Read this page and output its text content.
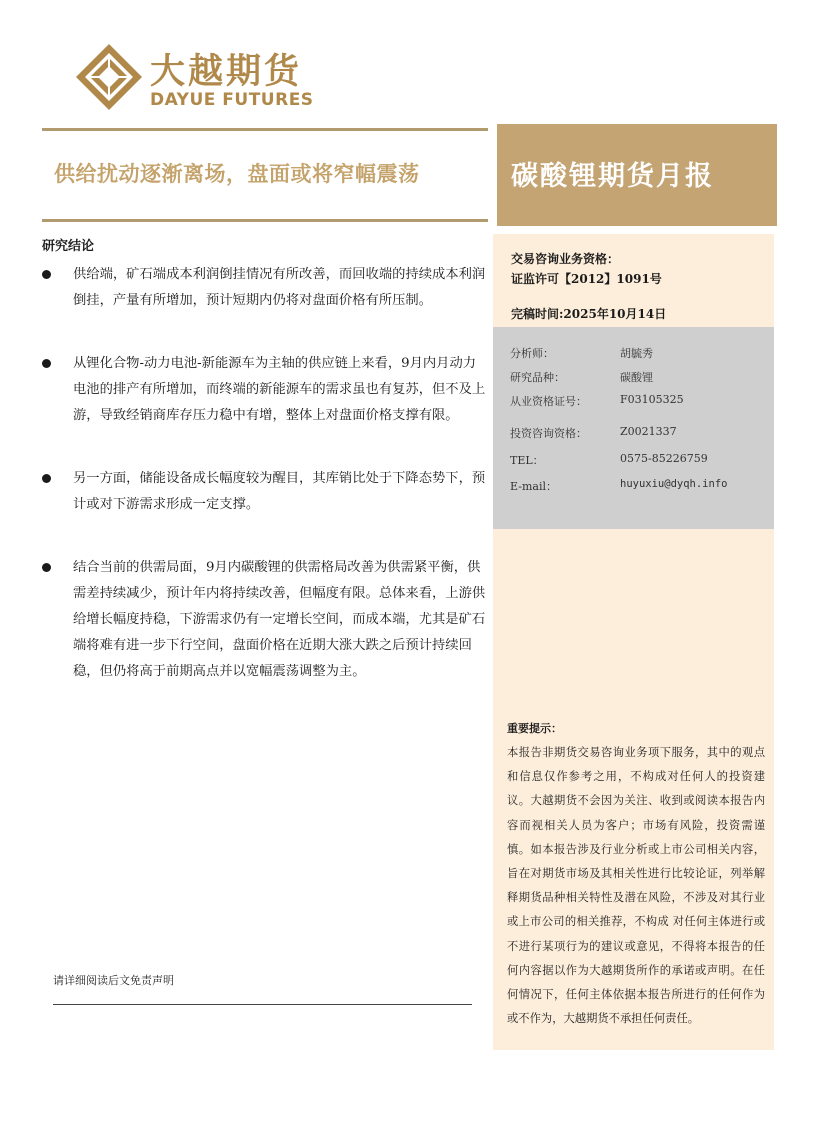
大越期货
DAYUE FUTURES
供给扰动逐渐离场，盘面或将窄幅震荡	碳酸锂期货月报
交易咨询业务资格：
证监许可【2012】1091号
完稿时间:2025年10月14日
分析师：	胡毓秀
研究品种：	碳酸锂
从业资格证号：	F03105325
投资咨询资格：	Z0021337
TEL：	0575-85226759
E-mail：	huyuxiu@dyqh.info
重要提示：
本报告非期货交易咨询业务项下服务，其中的观点和信息仅作参考之用，不构成对任何人的投资建议。大越期货不会因为关注、收到或阅读本报告内容而视相关人员为客户；市场有风险，投资需谨慎。如本报告涉及行业分析或上市公司相关内容，旨在对期货市场及其相关性进行比较论证，列举解释期货品种相关特性及潜在风险，不涉及对其行业或上市公司的相关推荐，不构成 对任何主体进行或不进行某项行为的建议或意见，不得将本报告的任何内容据以作为大越期货所作的承诺或声明。在任何情况下，任何主体依据本报告所进行的任何作为或不作为，大越期货不承担任何责任。
研究结论
供给端，矿石端成本利润倒挂情况有所改善，而回收端的持续成本利润倒挂，产量有所增加，预计短期内仍将对盘面价格有所压制。
从锂化合物-动力电池-新能源车为主轴的供应链上来看，9月内月动力电池的排产有所增加，而终端的新能源车的需求虽也有复苏，但不及上游，导致经销商库存压力稳中有增，整体上对盘面价格支撑有限。
另一方面，储能设备成长幅度较为醒目，其库销比处于下降态势下，预计或对下游需求形成一定支撑。
结合当前的供需局面，9月内碳酸锂的供需格局改善为供需紧平衡，供需差持续减少，预计年内将持续改善，但幅度有限。总体来看，上游供给增长幅度持稳，下游需求仍有一定增长空间，而成本端，尤其是矿石端将难有进一步下行空间，盘面价格在近期大涨大跌之后预计持续回稳，但仍将高于前期高点并以宽幅震荡调整为主。
请详细阅读后文免责声明
